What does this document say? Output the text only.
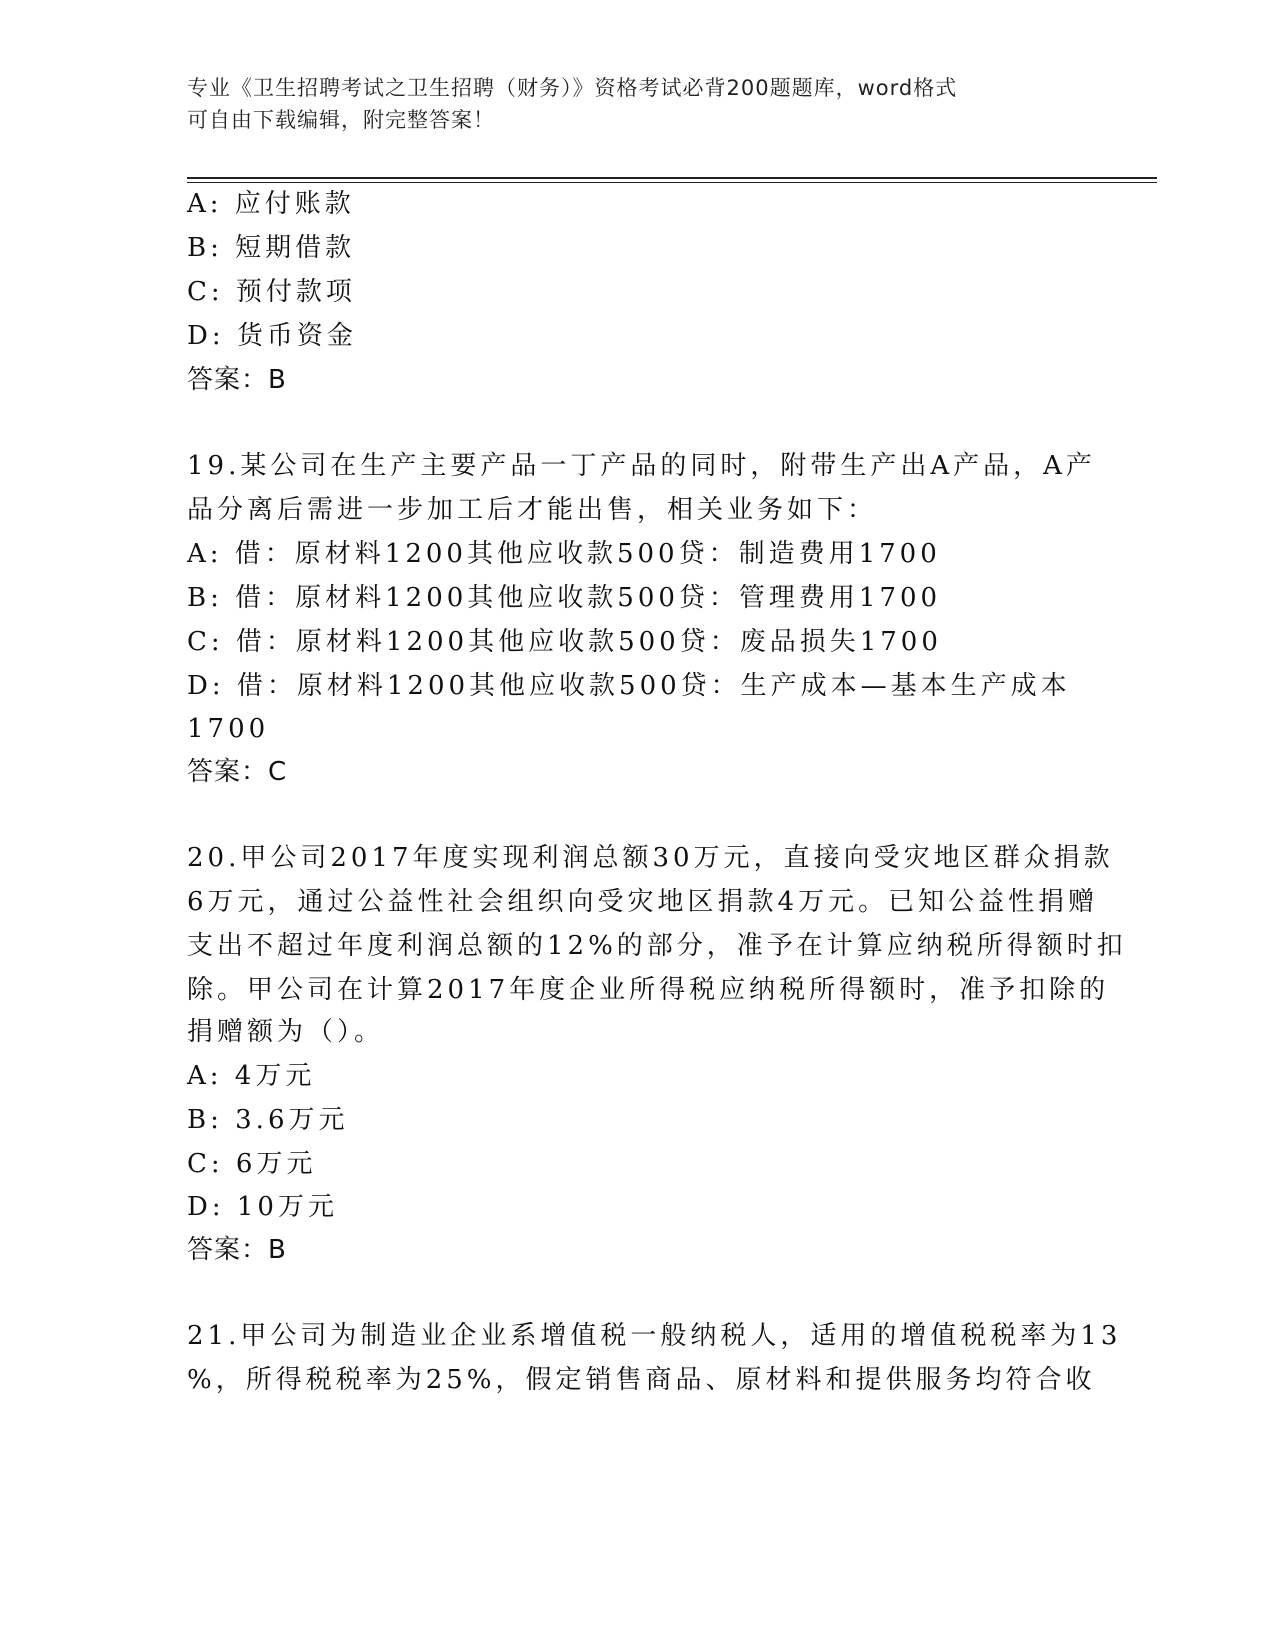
专业《卫生招聘考试之卫生招聘（财务）》资格考试必背200题题库，word格式
可自由下载编辑，附完整答案！
A: 应付账款
B: 短期借款
C: 预付款项
D: 货币资金
答案：B
19.某公司在生产主要产品一丁产品的同时，附带生产出A产品，A产
品分离后需进一步加工后才能出售，相关业务如下：
A: 借：原材料1200其他应收款500贷：制造费用1700
B: 借：原材料1200其他应收款500贷：管理费用1700
C: 借：原材料1200其他应收款500贷：废品损失1700
D: 借：原材料1200其他应收款500贷：生产成本—基本生产成本
1700
答案：C
20.甲公司2017年度实现利润总额30万元，直接向受灾地区群众捐款
6万元，通过公益性社会组织向受灾地区捐款4万元。已知公益性捐赠
支出不超过年度利润总额的12%的部分，准予在计算应纳税所得额时扣
除。甲公司在计算2017年度企业所得税应纳税所得额时，准予扣除的
捐赠额为（）。
A: 4万元
B: 3.6万元
C: 6万元
D: 10万元
答案：B
21.甲公司为制造业企业系增值税一般纳税人，适用的增值税税率为13
%，所得税税率为25%，假定销售商品、原材料和提供服务均符合收
